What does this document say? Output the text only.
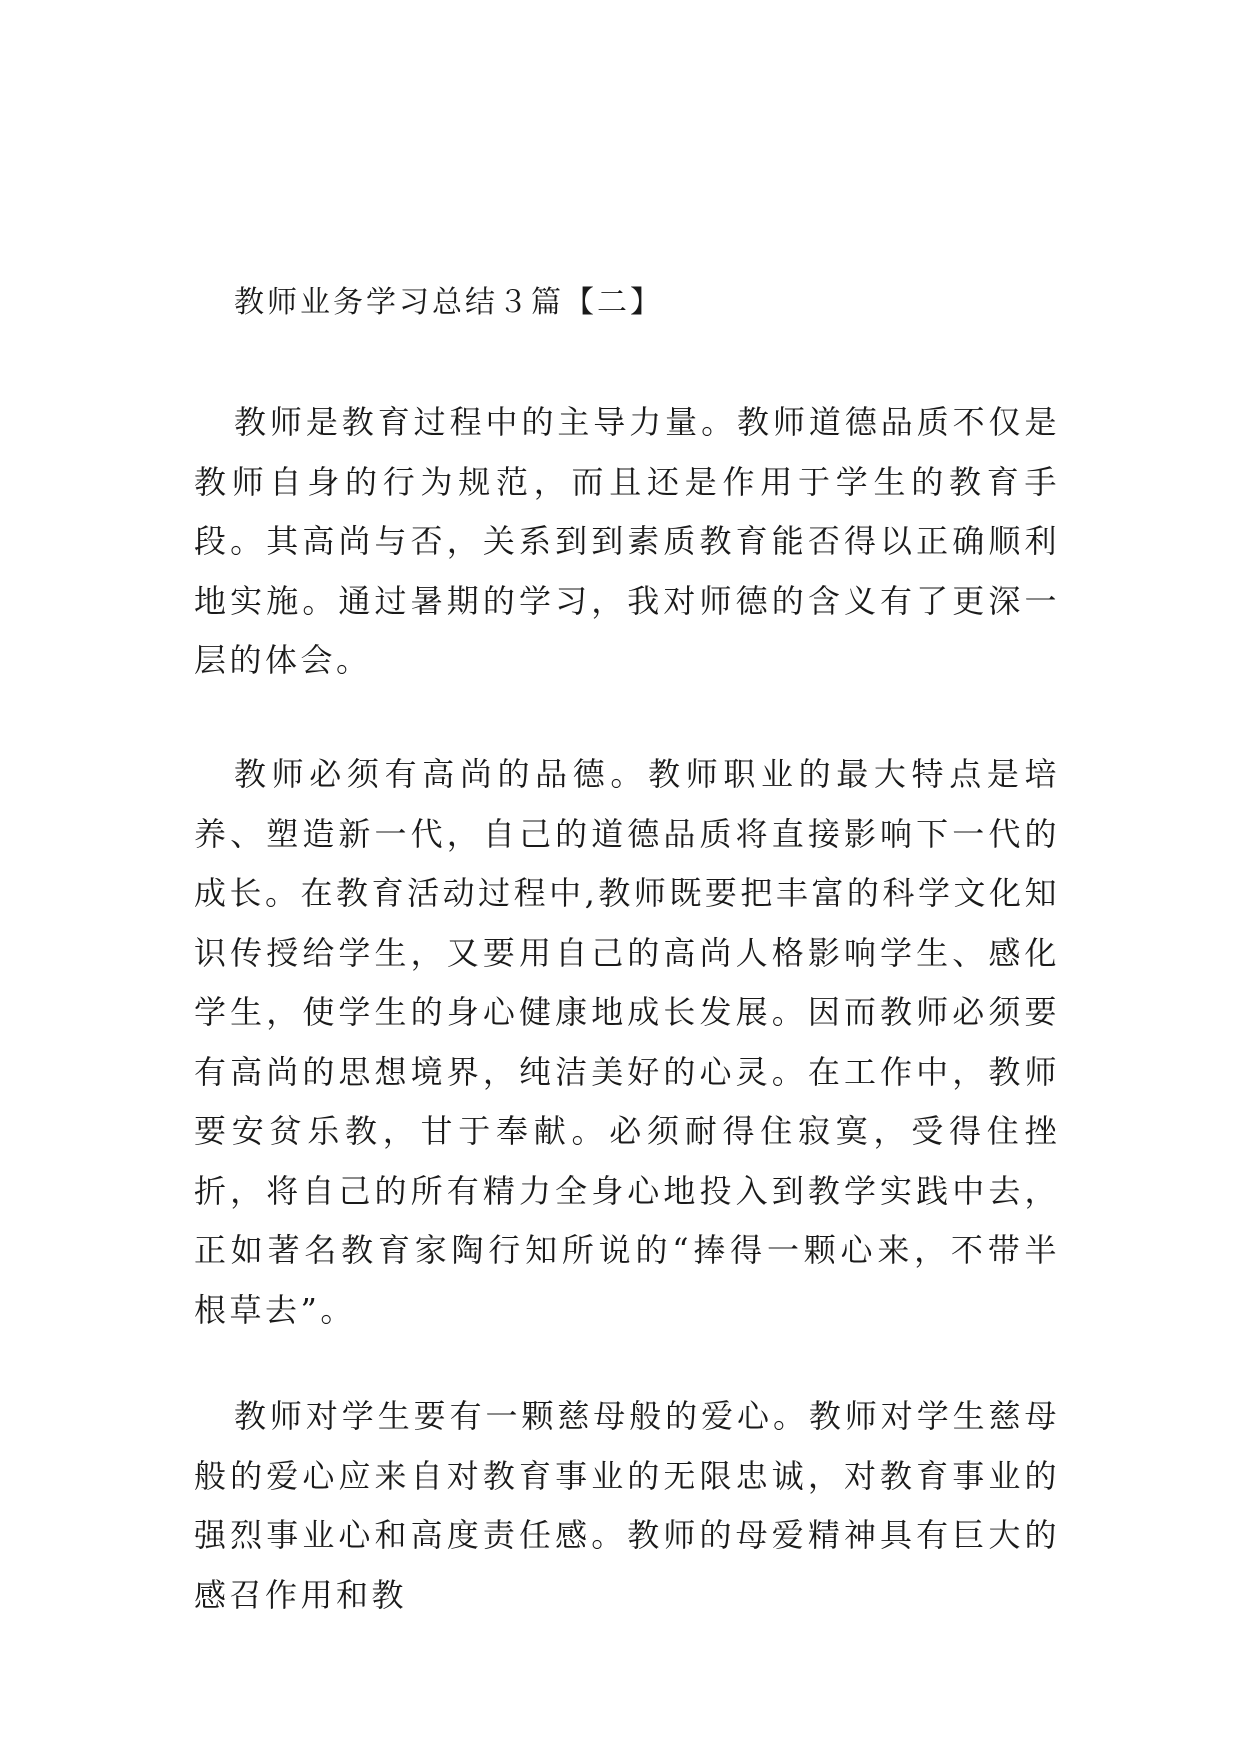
教师业务学习总结３篇【二】

教师是教育过程中的主导力量。教师道德品质不仅是教师自身的行为规范，而且还是作用于学生的教育手段。其高尚与否，关系到到素质教育能否得以正确顺利地实施。通过暑期的学习，我对师德的含义有了更深一层的体会。

教师必须有高尚的品德。教师职业的最大特点是培养、塑造新一代，自己的道德品质将直接影响下一代的成长。在教育活动过程中,教师既要把丰富的科学文化知识传授给学生，又要用自己的高尚人格影响学生、感化学生，使学生的身心健康地成长发展。因而教师必须要有高尚的思想境界，纯洁美好的心灵。在工作中，教师要安贫乐教，甘于奉献。必须耐得住寂寞，受得住挫折，将自己的所有精力全身心地投入到教学实践中去，正如著名教育家陶行知所说的“捧得一颗心来，不带半根草去”。

教师对学生要有一颗慈母般的爱心。教师对学生慈母般的爱心应来自对教育事业的无限忠诚，对教育事业的强烈事业心和高度责任感。教师的母爱精神具有巨大的感召作用和教
